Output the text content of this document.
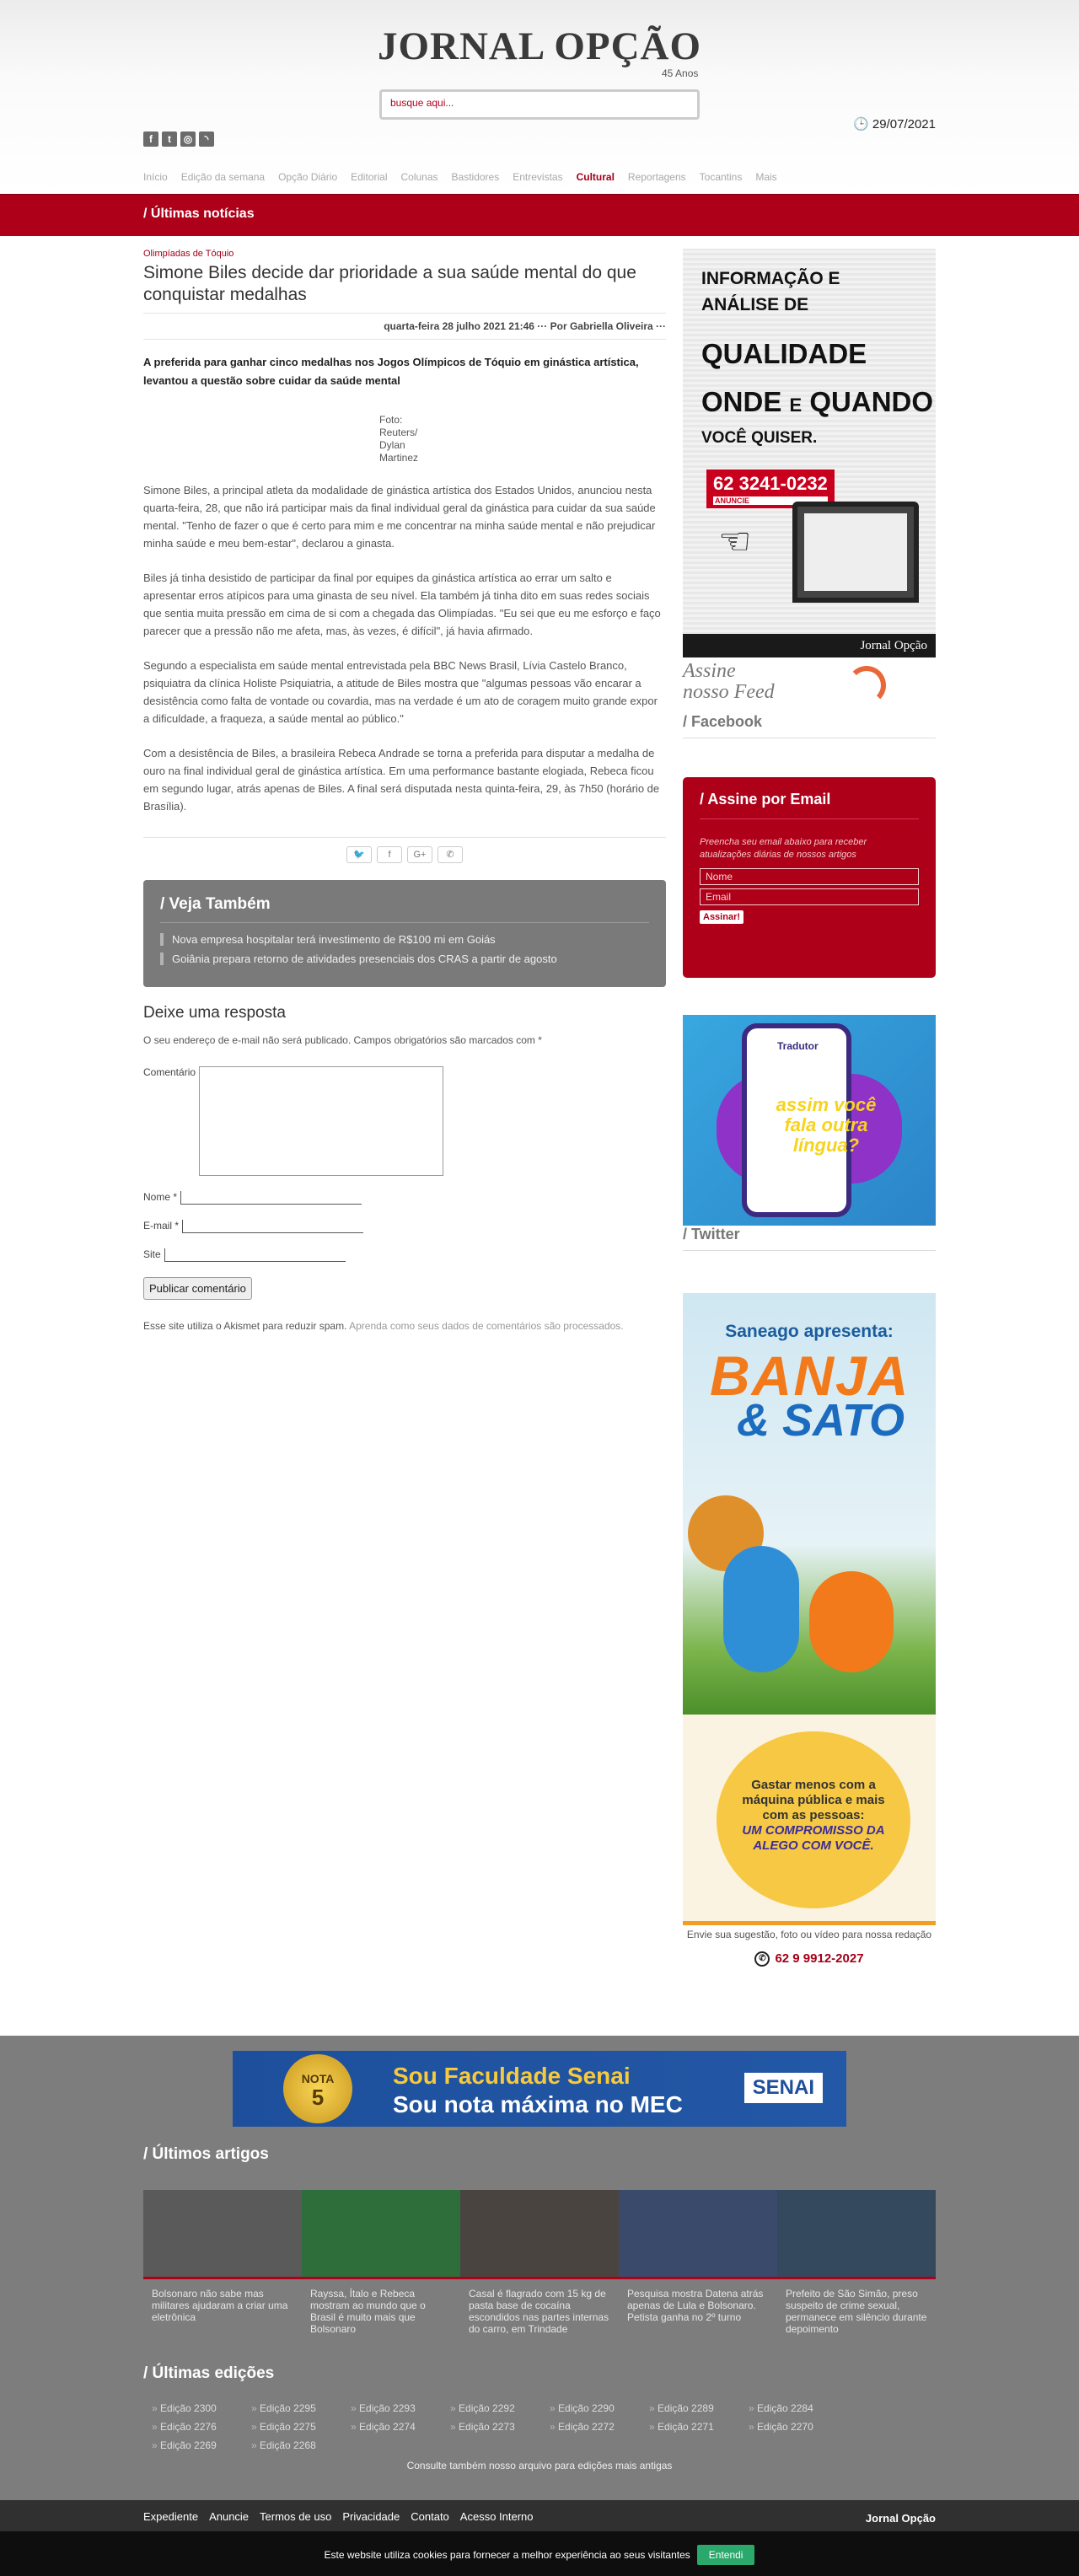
JORNAL OPÇÃO
45 Anos
busque aqui...
f	t	◎	◝
🕒 29/07/2021
Início Edição da semana Opção Diário Editorial Colunas Bastidores Entrevistas Cultural Reportagens Tocantins Mais
/ Últimas notícias
Olimpíadas de Tóquio
Simone Biles decide dar prioridade a sua saúde mental do que conquistar medalhas
quarta-feira 28 julho 2021 21:46 ··· Por Gabriella Oliveira ···
A preferida para ganhar cinco medalhas nos Jogos Olímpicos de Tóquio em ginástica artística, levantou a questão sobre cuidar da saúde mental
Foto:
Reuters/
Dylan
Martinez

Simone Biles, a principal atleta da modalidade de ginástica artística dos Estados Unidos, anunciou nesta quarta-feira, 28, que não irá participar mais da final individual geral da ginástica para cuidar da sua saúde mental. "Tenho de fazer o que é certo para mim e me concentrar na minha saúde mental e não prejudicar minha saúde e meu bem-estar", declarou a ginasta.

Biles já tinha desistido de participar da final por equipes da ginástica artística ao errar um salto e apresentar erros atípicos para uma ginasta de seu nível. Ela também já tinha dito em suas redes sociais que sentia muita pressão em cima de si com a chegada das Olimpíadas. "Eu sei que eu me esforço e faço parecer que a pressão não me afeta, mas, às vezes, é difícil", já havia afirmado.

Segundo a especialista em saúde mental entrevistada pela BBC News Brasil, Lívia Castelo Branco, psiquiatra da clínica Holiste Psiquiatria, a atitude de Biles mostra que "algumas pessoas vão encarar a desistência como falta de vontade ou covardia, mas na verdade é um ato de coragem muito grande expor a dificuldade, a fraqueza, a saúde mental ao público."

Com a desistência de Biles, a brasileira Rebeca Andrade se torna a preferida para disputar a medalha de ouro na final individual geral de ginástica artística. Em uma performance bastante elogiada, Rebeca ficou em segundo lugar, atrás apenas de Biles. A final será disputada nesta quinta-feira, 29, às 7h50 (horário de Brasília).

🐦	f G+ ✆
/ Veja Também
Nova empresa hospitalar terá investimento de R$100 mi em Goiás
Goiânia prepara retorno de atividades presenciais dos CRAS a partir de agosto
Deixe uma resposta
O seu endereço de e-mail não será publicado. Campos obrigatórios são marcados com *
Comentário
Nome *
E-mail *
Site
Publicar comentário
Esse site utiliza o Akismet para reduzir spam. Aprenda como seus dados de comentários são processados.
INFORMAÇÃO E
ANÁLISE DE
QUALIDADE
ONDE E QUANDO
VOCÊ QUISER.
62 3241-0232
ANUNCIE
☜
Jornal Opção
Assine
nosso Feed
/ Facebook
/ Assine por Email

Preencha seu email abaixo para receber atualizações diárias de nossos artigos

Nome
Email
Assinar!
Tradutor
assim você fala outra língua?
/ Twitter
Saneago apresenta:
BANJA
& SATO
Gastar menos com a máquina pública e mais com as pessoas:
UM COMPROMISSO DA ALEGO COM VOCÊ.
Envie sua sugestão, foto ou vídeo para nossa redação
✆ 62 9 9912-2027
NOTA
5
Sou Faculdade Senai
Sou nota máxima no MEC
SENAI
/ Últimos artigos
Bolsonaro não sabe mas militares ajudaram a criar uma eletrônica
Rayssa, Ítalo e Rebeca mostram ao mundo que o Brasil é muito mais que Bolsonaro
Casal é flagrado com 15 kg de pasta base de cocaína escondidos nas partes internas do carro, em Trindade
Pesquisa mostra Datena atrás apenas de Lula e Bolsonaro. Petista ganha no 2º turno
Prefeito de São Simão, preso suspeito de crime sexual, permanece em silêncio durante depoimento
/ Últimas edições
» Edição 2300	» Edição 2295	» Edição 2293	» Edição 2292	» Edição 2290	» Edição 2289	» Edição 2284
» Edição 2276	» Edição 2275	» Edição 2274	» Edição 2273	» Edição 2272	» Edição 2271	» Edição 2270
» Edição 2269	» Edição 2268
Consulte também nosso arquivo para edições mais antigas
Expediente Anuncie Termos de uso Privacidade Contato Acesso Interno	Jornal Opção
Este website utiliza cookies para fornecer a melhor experiência ao seus visitantes Entendi
